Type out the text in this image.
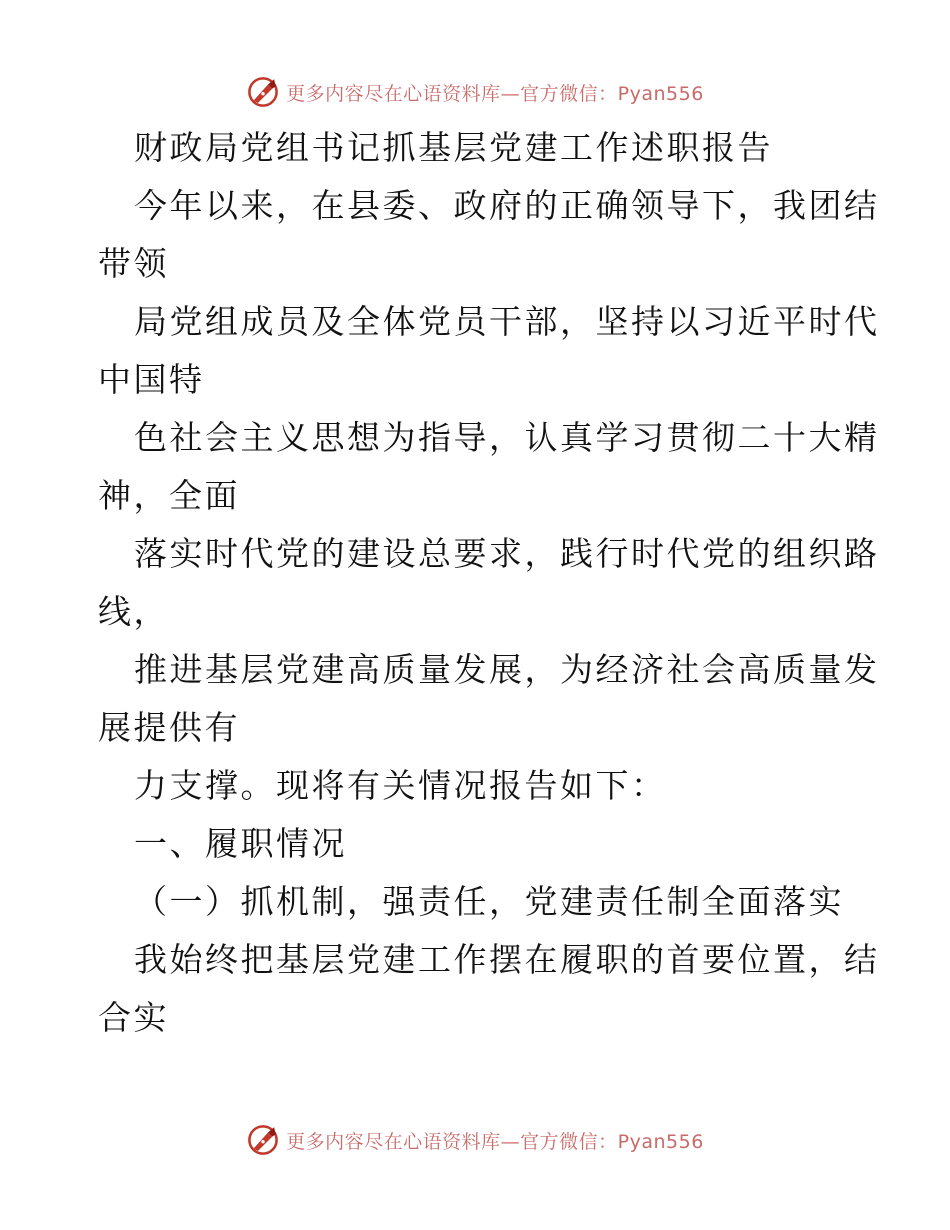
更多内容尽在心语资料库—官方微信：Pyan556
财政局党组书记抓基层党建工作述职报告
今年以来，在县委、政府的正确领导下，我团结
带领
局党组成员及全体党员干部，坚持以习近平时代
中国特
色社会主义思想为指导，认真学习贯彻二十大精
神，全面
落实时代党的建设总要求，践行时代党的组织路
线，
推进基层党建高质量发展，为经济社会高质量发
展提供有
力支撑。现将有关情况报告如下：
一、履职情况
（一）抓机制，强责任，党建责任制全面落实
我始终把基层党建工作摆在履职的首要位置，结
合实
更多内容尽在心语资料库—官方微信：Pyan556
